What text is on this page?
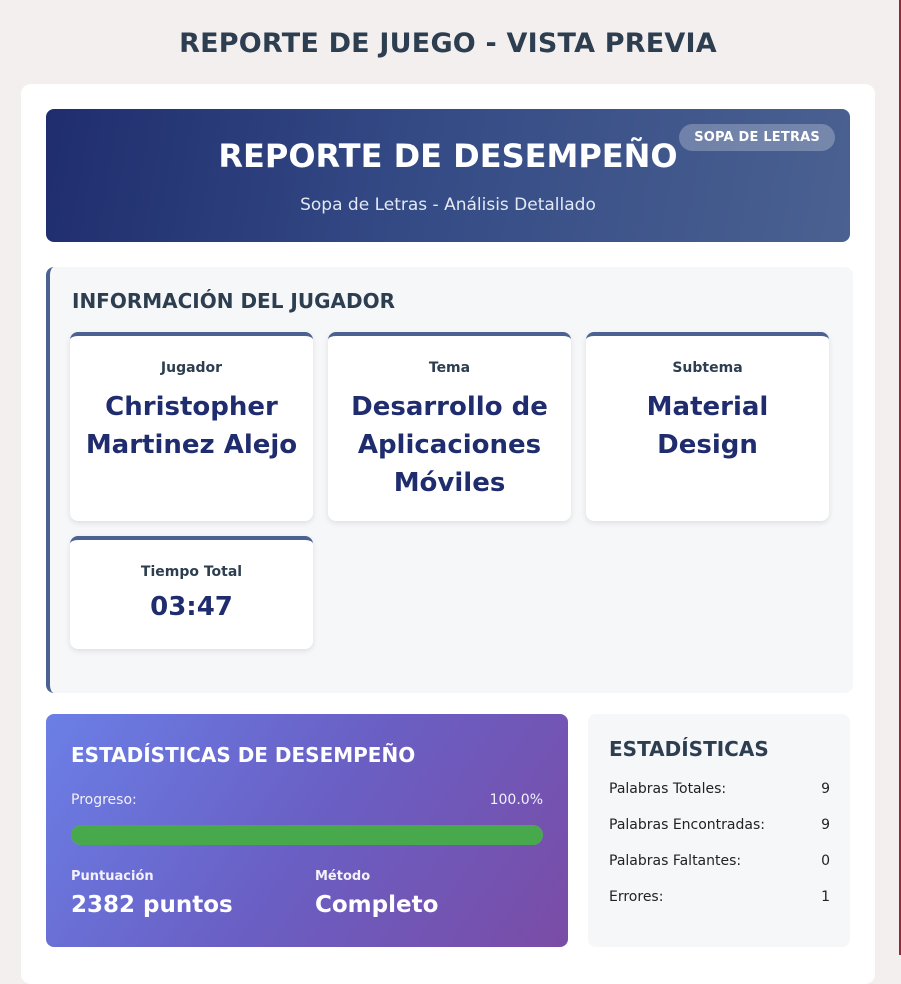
REPORTE DE JUEGO - VISTA PREVIA
SOPA DE LETRAS
REPORTE DE DESEMPEÑO
Sopa de Letras - Análisis Detallado
INFORMACIÓN DEL JUGADOR
Jugador
Christopher Martinez Alejo
Tema
Desarrollo de Aplicaciones Móviles
Subtema
Material Design
Tiempo Total
03:47
ESTADÍSTICAS DE DESEMPEÑO
Progreso:	100.0%
Puntuación
2382 puntos
Método
Completo
ESTADÍSTICAS
Palabras Totales:	9
Palabras Encontradas:	9
Palabras Faltantes:	0
Errores:	1
